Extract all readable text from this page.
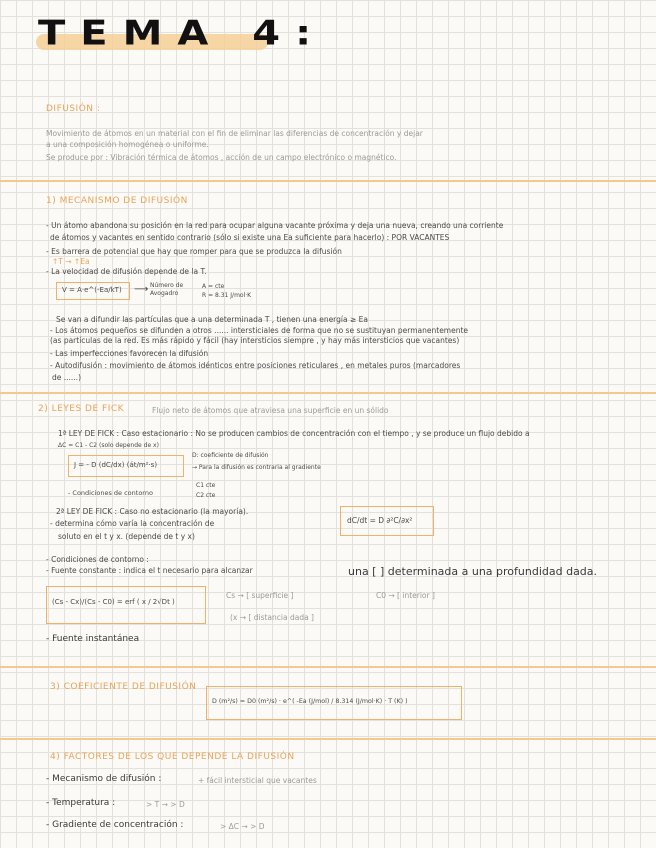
TEMA 4:
DIFUSIÓN :
Movimiento de átomos en un material con el fin de eliminar las diferencias de concentración y dejar
a una composición homogénea o uniforme.
Se produce por : Vibración térmica de átomos , acción de un campo electrónico o magnético.
1) MECANISMO DE DIFUSIÓN
- Un átomo abandona su posición en la red para ocupar alguna vacante próxima y deja una nueva, creando una corriente
de átomos y vacantes en sentido contrario (sólo si existe una Ea suficiente para hacerlo) : POR VACANTES
- Es barrera de potencial que hay que romper para que se produzca la difusión
↑T → ↑Ea
- La velocidad de difusión depende de la T.
V = A·e^(-Ea/kT) ⟶ Número de
Avogadro
A = cte
R = 8.31 J/mol·K
Se van a difundir las partículas que a una determinada T , tienen una energía ≥ Ea
- Los átomos pequeños se difunden a otros ...... intersticiales de forma que no se sustituyan permanentemente
(as partículas de la red. Es más rápido y fácil (hay intersticios siempre , y hay más intersticios que vacantes)
- Las imperfecciones favorecen la difusión
- Autodifusión : movimiento de átomos idénticos entre posiciones reticulares , en metales puros (marcadores
de ......)
2) LEYES DE FICK	Flujo neto de átomos que atraviesa una superficie en un sólido
1ª LEY DE FICK : Caso estacionario : No se producen cambios de concentración con el tiempo , y se produce un flujo debido a
ΔC = C1 - C2 (solo depende de x)
J = - D (dC/dx) (át/m²·s)
D: coeficiente de difusión
→ Para la difusión es contraria al gradiente
- Condiciones de contorno
C1 cte
C2 cte
2ª LEY DE FICK : Caso no estacionario (la mayoría).
- determina cómo varía la concentración de
soluto en el t y x. (depende de t y x)
dC/dt = D ∂²C/∂x²
- Condiciones de contorno :
- Fuente constante : indica el t necesario para alcanzar	una [ ] determinada a una profundidad dada.
(Cs - Cx)/(Cs - C0) = erf ( x / 2√Dt )
Cs → [ superficie ]	C0 → [ interior ]
(x → [ distancia dada ]
- Fuente instantánea
3) COEFICIENTE DE DIFUSIÓN
D (m²/s) = D0 (m²/s) · e^( -Ea (J/mol) / 8.314 (J/mol·K) · T (K) )
4) FACTORES DE LOS QUE DEPENDE LA DIFUSIÓN
- Mecanismo de difusión :	+ fácil intersticial que vacantes
- Temperatura :	> T → > D
- Gradiente de concentración :	> ΔC → > D
